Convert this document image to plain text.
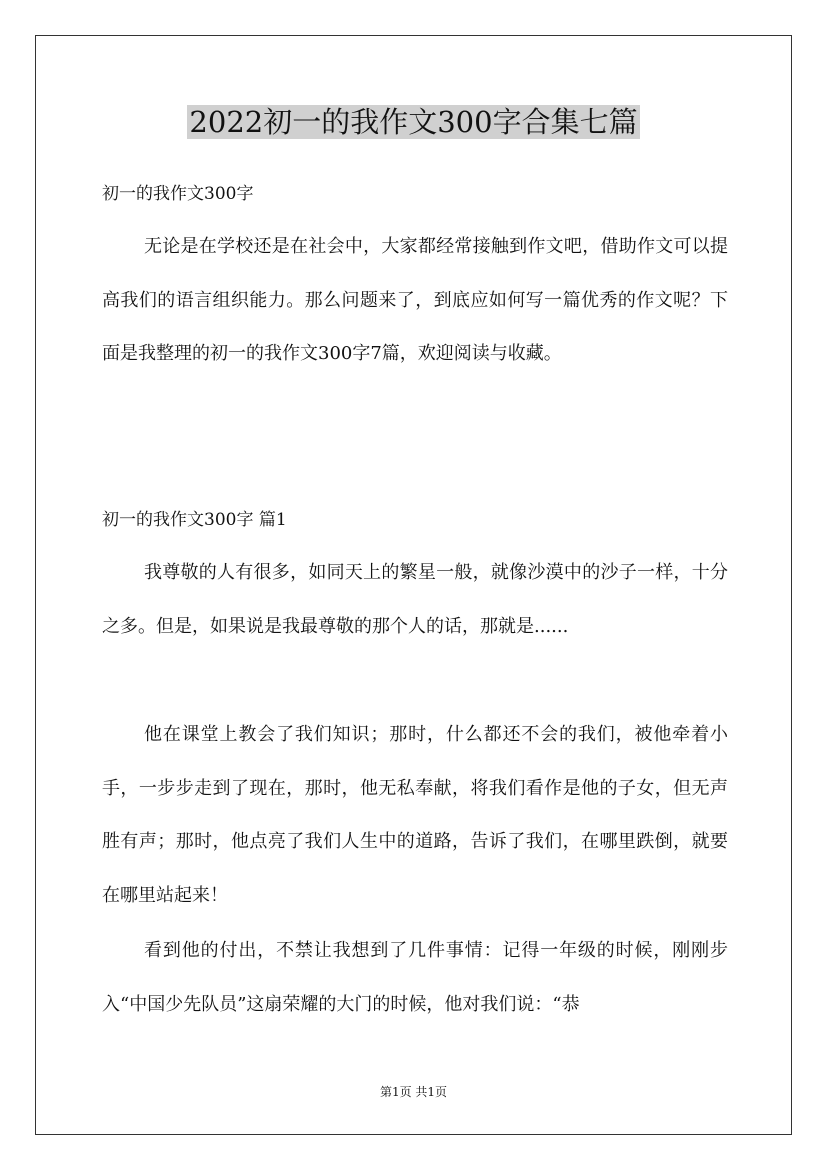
2022初一的我作文300字合集七篇
初一的我作文300字
无论是在学校还是在社会中，大家都经常接触到作文吧，借助作文可以提高我们的语言组织能力。那么问题来了，到底应如何写一篇优秀的作文呢？下面是我整理的初一的我作文300字7篇，欢迎阅读与收藏。
初一的我作文300字 篇1
我尊敬的人有很多，如同天上的繁星一般，就像沙漠中的沙子一样，十分之多。但是，如果说是我最尊敬的那个人的话，那就是......
他在课堂上教会了我们知识；那时，什么都还不会的我们，被他牵着小手，一步步走到了现在，那时，他无私奉献，将我们看作是他的子女，但无声胜有声；那时，他点亮了我们人生中的道路，告诉了我们，在哪里跌倒，就要在哪里站起来！
看到他的付出，不禁让我想到了几件事情：记得一年级的时候，刚刚步入“中国少先队员”这扇荣耀的大门的时候，他对我们说：“恭
第1页 共1页
